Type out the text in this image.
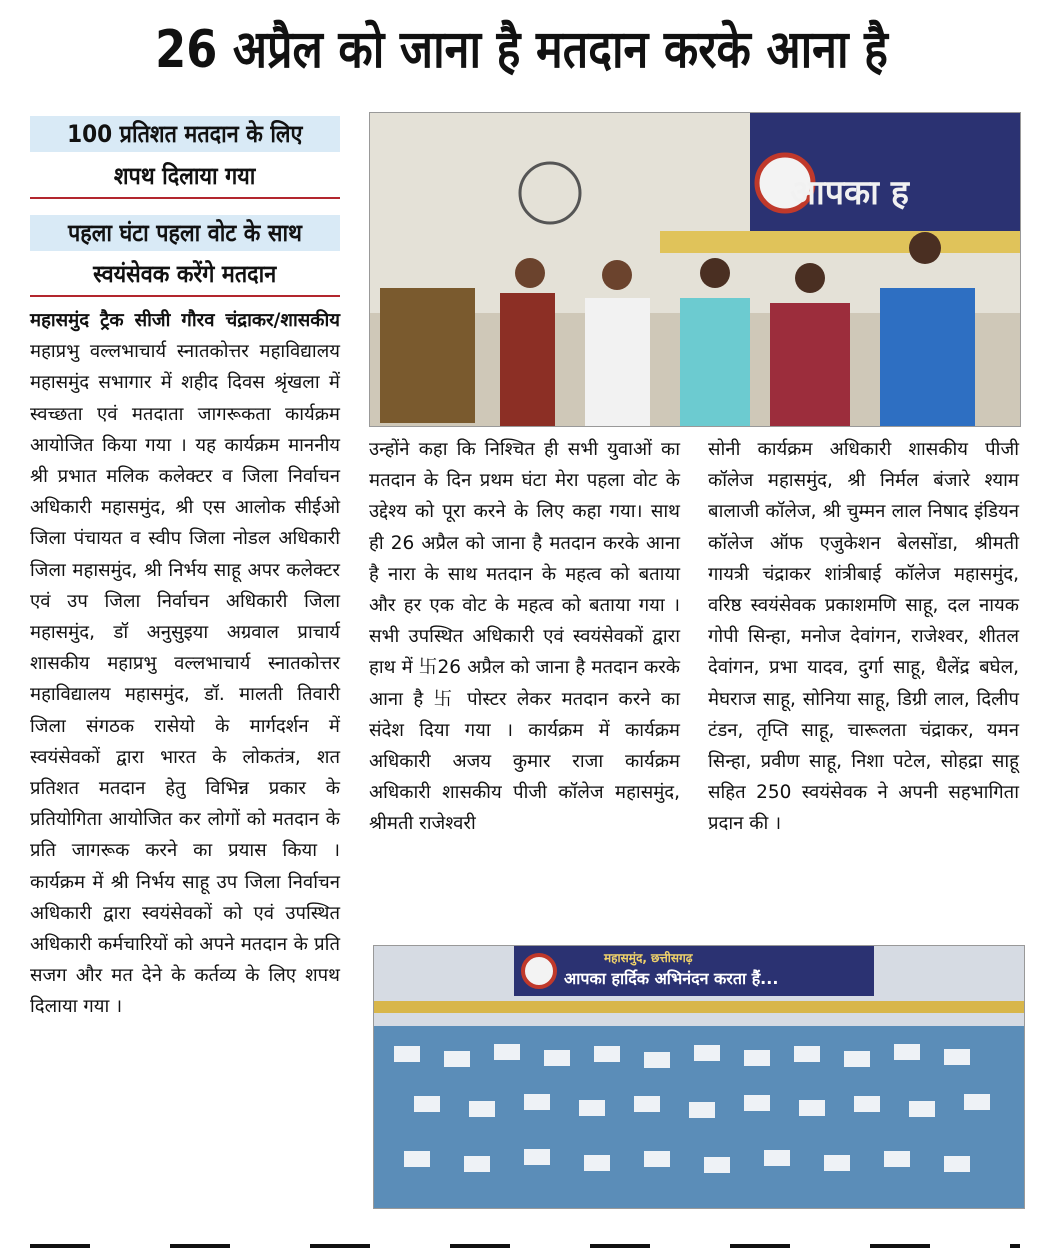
26 अप्रैल को जाना है मतदान करके आना है
100 प्रतिशत मतदान के लिए
शपथ दिलाया गया
पहला घंटा पहला वोट के साथ
स्वयंसेवक करेंगे मतदान
महासमुंद ट्रैक सीजी गौरव चंद्राकर/शासकीय महाप्रभु वल्लभाचार्य स्नातकोत्तर महाविद्यालय महासमुंद सभागार में शहीद दिवस श्रृंखला में स्वच्छता एवं मतदाता जागरूकता कार्यक्रम आयोजित किया गया । यह कार्यक्रम माननीय श्री प्रभात मलिक कलेक्टर व जिला निर्वाचन अधिकारी महासमुंद, श्री एस आलोक सीईओ जिला पंचायत व स्वीप जिला नोडल अधिकारी जिला महासमुंद, श्री निर्भय साहू अपर कलेक्टर एवं उप जिला निर्वाचन अधिकारी जिला महासमुंद, डॉ अनुसुइया अग्रवाल प्राचार्य शासकीय महाप्रभु वल्लभाचार्य स्नातकोत्तर महाविद्यालय महासमुंद, डॉ. मालती तिवारी जिला संगठक रासेयो के मार्गदर्शन में स्वयंसेवकों द्वारा भारत के लोकतंत्र, शत प्रतिशत मतदान हेतु विभिन्न प्रकार के प्रतियोगिता आयोजित कर लोगों को मतदान के प्रति जागरूक करने का प्रयास किया । कार्यक्रम में श्री निर्भय साहू उप जिला निर्वाचन अधिकारी द्वारा स्वयंसेवकों को एवं उपस्थित अधिकारी कर्मचारियों को अपने मतदान के प्रति सजग और मत देने के कर्तव्य के लिए शपथ दिलाया गया ।
आपका ह
उन्होंने कहा कि निश्चित ही सभी युवाओं का मतदान के दिन प्रथम घंटा मेरा पहला वोट के उद्देश्य को पूरा करने के लिए कहा गया। साथ ही 26 अप्रैल को जाना है मतदान करके आना है नारा के साथ मतदान के महत्व को बताया और हर एक वोट के महत्व को बताया गया । सभी उपस्थित अधिकारी एवं स्वयंसेवकों द्वारा हाथ में 卐26 अप्रैल को जाना है मतदान करके आना है 卐 पोस्टर लेकर मतदान करने का संदेश दिया गया । कार्यक्रम में कार्यक्रम अधिकारी अजय कुमार राजा कार्यक्रम अधिकारी शासकीय पीजी कॉलेज महासमुंद, श्रीमती राजेश्वरी
सोनी कार्यक्रम अधिकारी शासकीय पीजी कॉलेज महासमुंद, श्री निर्मल बंजारे श्याम बालाजी कॉलेज, श्री चुम्मन लाल निषाद इंडियन कॉलेज ऑफ एजुकेशन बेलसोंडा, श्रीमती गायत्री चंद्राकर शांत्रीबाई कॉलेज महासमुंद, वरिष्ठ स्वयंसेवक प्रकाशमणि साहू, दल नायक गोपी सिन्हा, मनोज देवांगन, राजेश्वर, शीतल देवांगन, प्रभा यादव, दुर्गा साहू, धैलेंद्र बघेल, मेघराज साहू, सोनिया साहू, डिग्री लाल, दिलीप टंडन, तृप्ति साहू, चारूलता चंद्राकर, यमन सिन्हा, प्रवीण साहू, निशा पटेल, सोहद्रा साहू सहित 250 स्वयंसेवक ने अपनी सहभागिता प्रदान की ।
महासमुंद, छत्तीसगढ़
आपका हार्दिक अभिनंदन करता हैं...
